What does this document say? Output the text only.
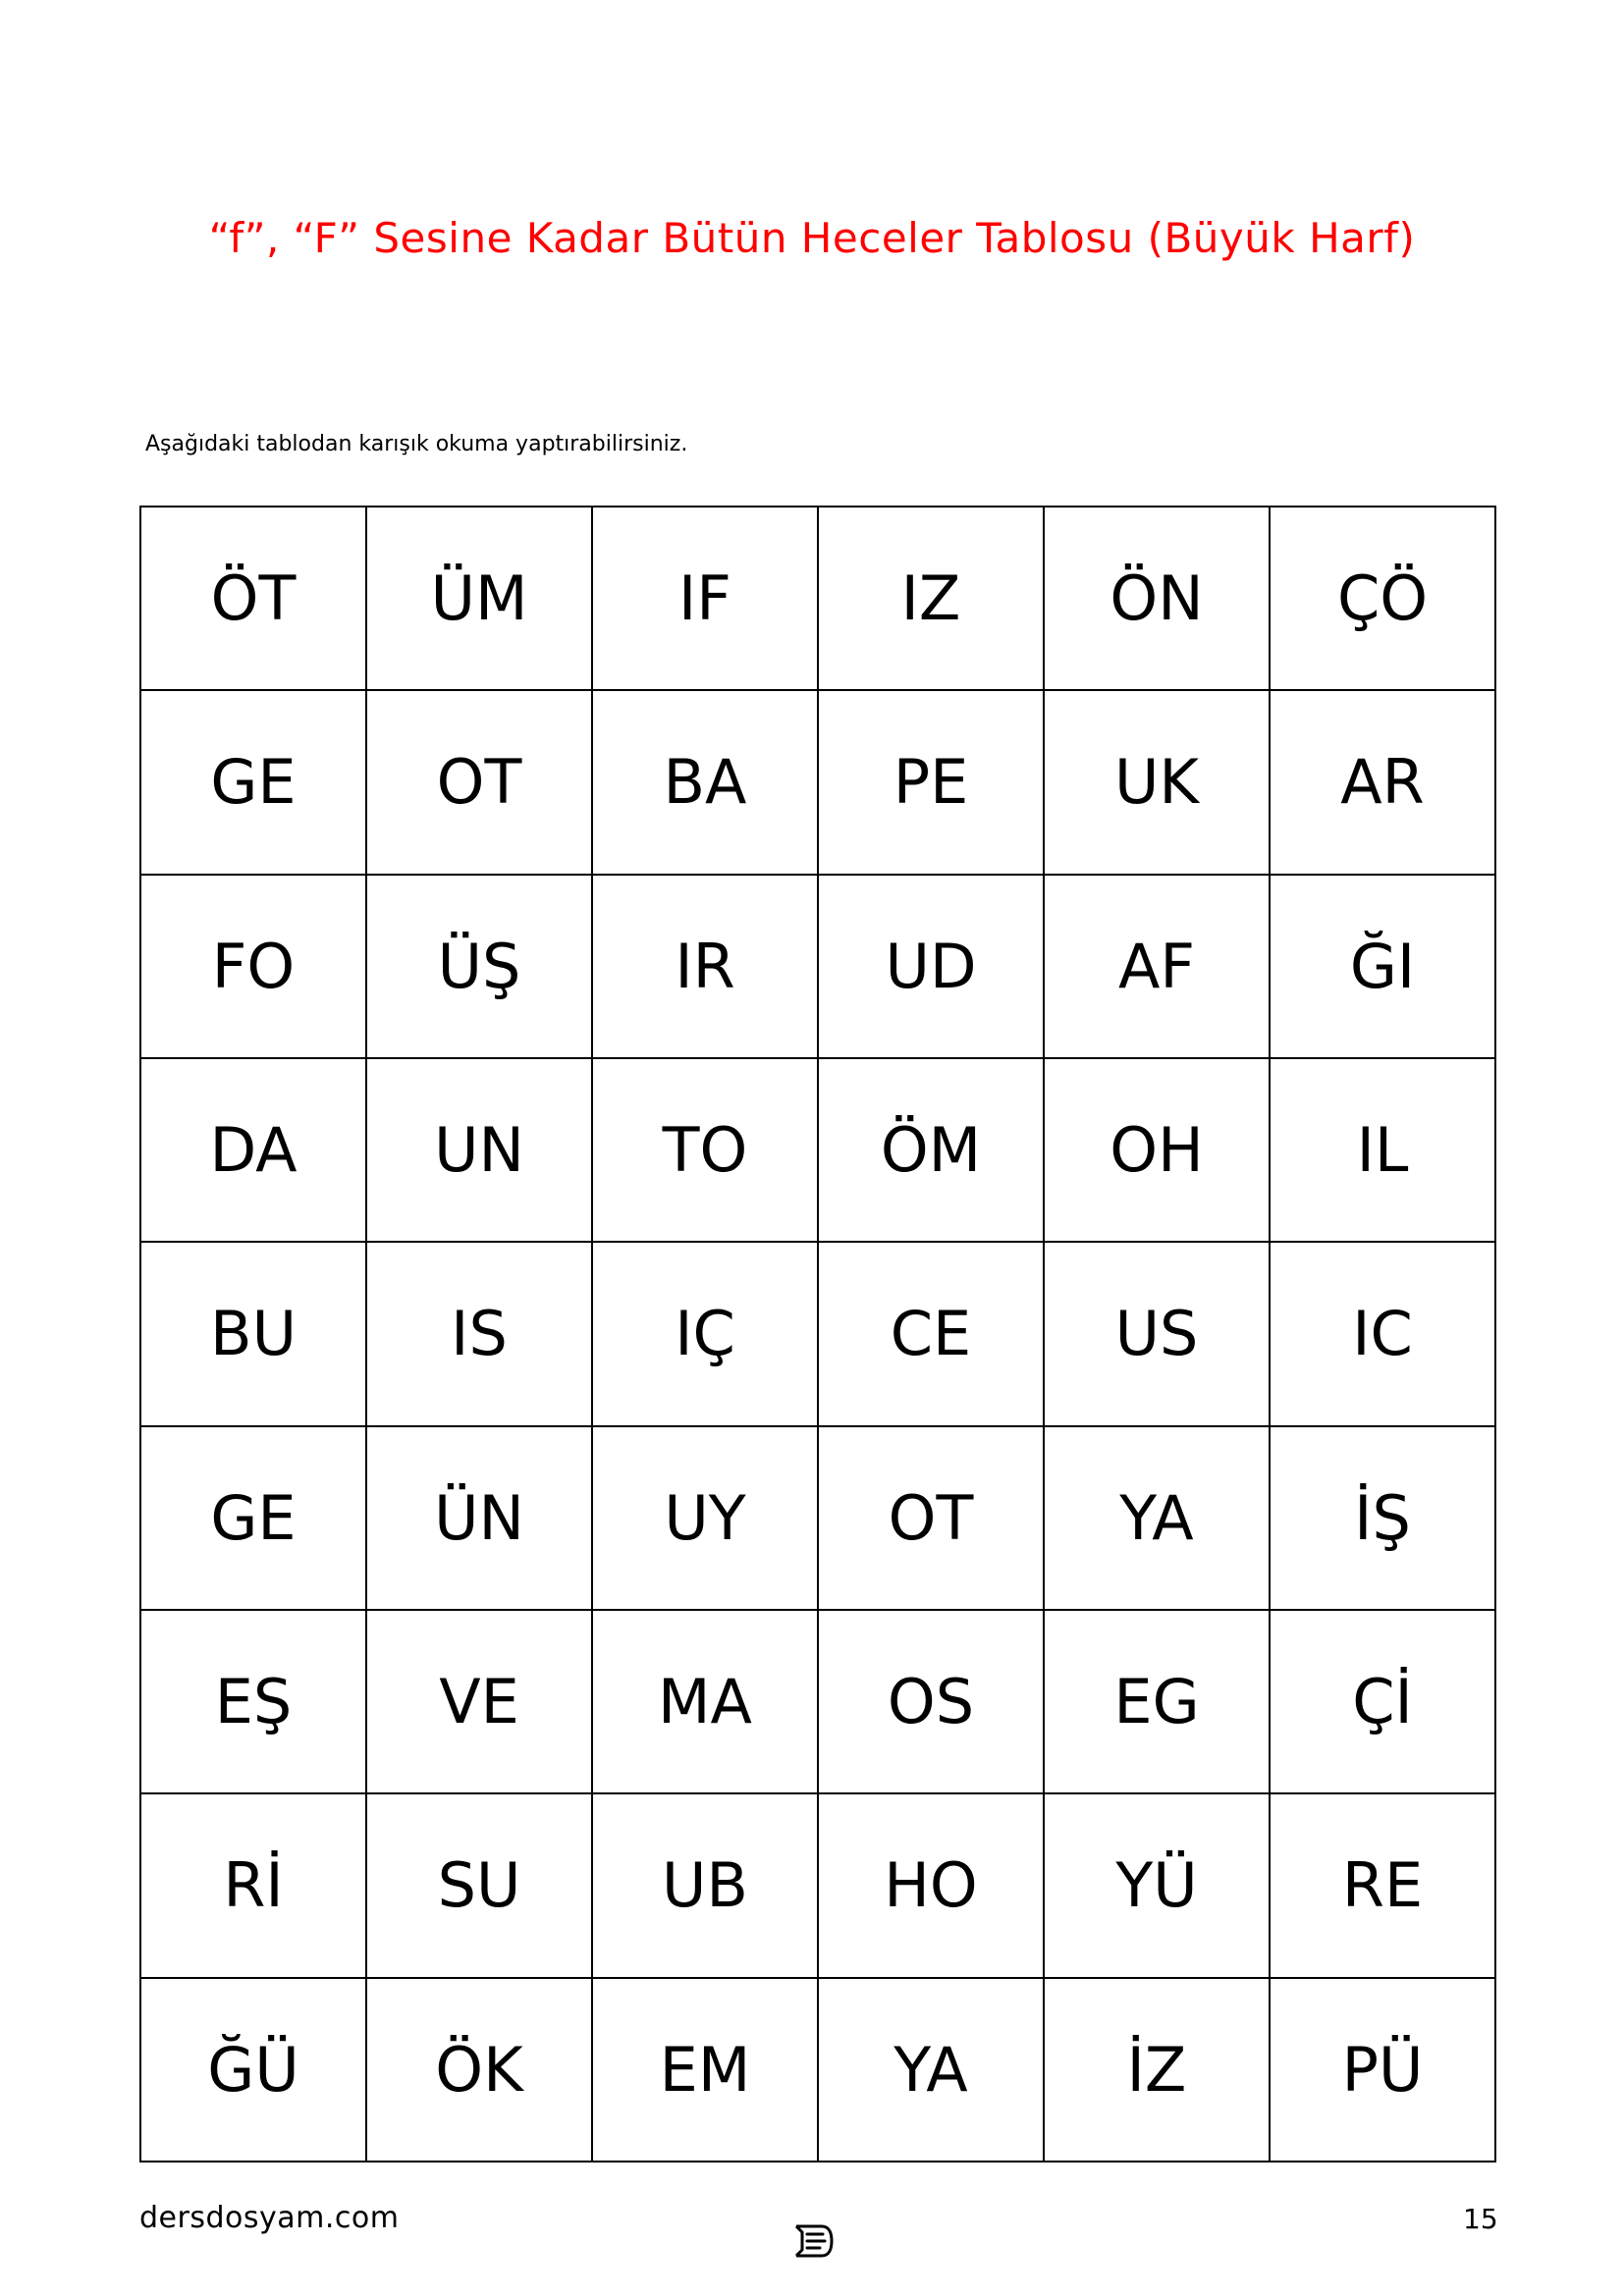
“f”, “F” Sesine Kadar Bütün Heceler Tablosu (Büyük Harf)

Aşağıdaki tablodan karışık okuma yaptırabilirsiniz.

ÖT	ÜM	IF	IZ	ÖN	ÇÖ
GE	OT	BA	PE	UK	AR
FO	ÜŞ	IR	UD	AF	ĞI
DA	UN	TO	ÖM	OH	IL
BU	IS	IÇ	CE	US	IC
GE	ÜN	UY	OT	YA	İŞ
EŞ	VE	MA	OS	EG	Çİ
Rİ	SU	UB	HO	YÜ	RE
ĞÜ	ÖK	EM	YA	İZ	PÜ
dersdosyam.com	15
